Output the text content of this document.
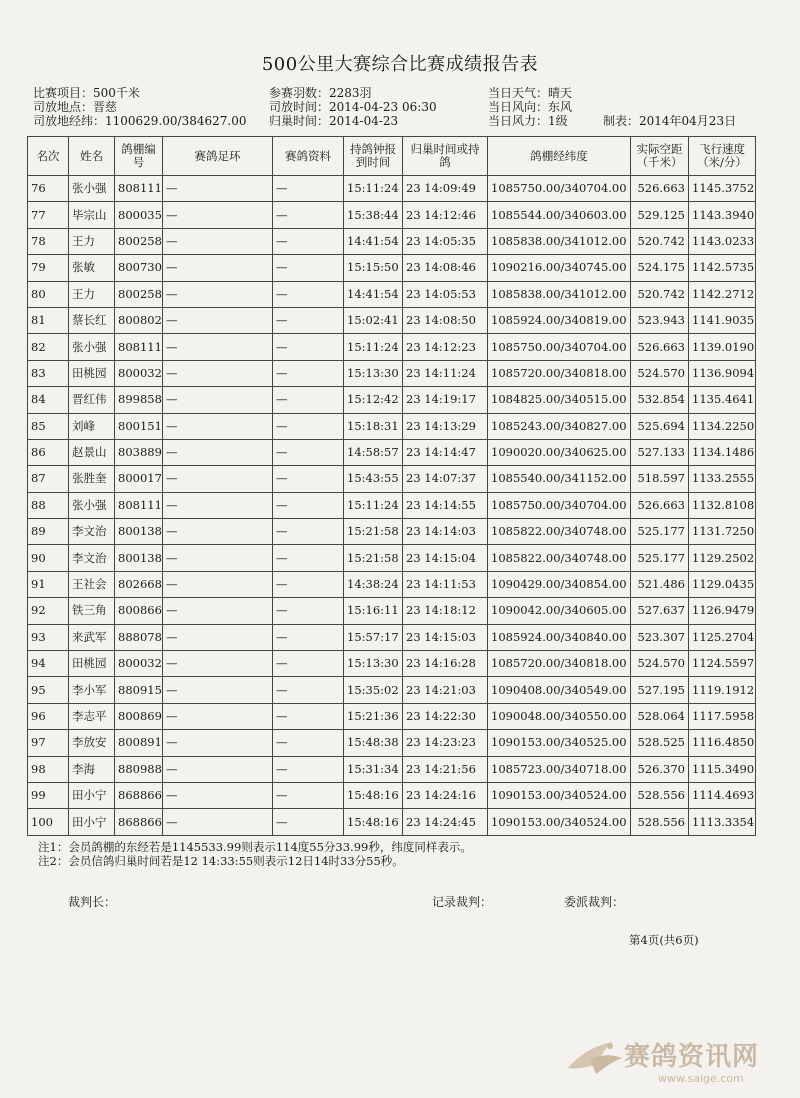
500公里大赛综合比赛成绩报告表
比赛项目：500千米	参赛羽数：2283羽	当日天气：晴天
司放地点：晋慈	司放时间：2014-04-23 06:30	当日风向：东风
司放地经纬：1100629.00/384627.00 归巢时间：2014-04-23	当日风力：1级	制表：2014年04月23日
名次	姓名	鸽棚编号	赛鸽足环	赛鸽资料	持鸽钟报到时间	归巢时间或持鸽	鸽棚经纬度	实际空距（千米）	飞行速度（米/分）
76	张小强	808111	—	—	15:11:24	23 14:09:49	1085750.00/340704.00	526.663	1145.3752
77	毕宗山	800035	—	—	15:38:44	23 14:12:46	1085544.00/340603.00	529.125	1143.3940
78	王力	800258	—	—	14:41:54	23 14:05:35	1085838.00/341012.00	520.742	1143.0233
79	张敏	800730	—	—	15:15:50	23 14:08:46	1090216.00/340745.00	524.175	1142.5735
80	王力	800258	—	—	14:41:54	23 14:05:53	1085838.00/341012.00	520.742	1142.2712
81	蔡长红	800802	—	—	15:02:41	23 14:08:50	1085924.00/340819.00	523.943	1141.9035
82	张小强	808111	—	—	15:11:24	23 14:12:23	1085750.00/340704.00	526.663	1139.0190
83	田桃园	800032	—	—	15:13:30	23 14:11:24	1085720.00/340818.00	524.570	1136.9094
84	晋红伟	899858	—	—	15:12:42	23 14:19:17	1084825.00/340515.00	532.854	1135.4641
85	刘峰	800151	—	—	15:18:31	23 14:13:29	1085243.00/340827.00	525.694	1134.2250
86	赵景山	803889	—	—	14:58:57	23 14:14:47	1090020.00/340625.00	527.133	1134.1486
87	张胜奎	800017	—	—	15:43:55	23 14:07:37	1085540.00/341152.00	518.597	1133.2555
88	张小强	808111	—	—	15:11:24	23 14:14:55	1085750.00/340704.00	526.663	1132.8108
89	李文治	800138	—	—	15:21:58	23 14:14:03	1085822.00/340748.00	525.177	1131.7250
90	李文治	800138	—	—	15:21:58	23 14:15:04	1085822.00/340748.00	525.177	1129.2502
91	王社会	802668	—	—	14:38:24	23 14:11:53	1090429.00/340854.00	521.486	1129.0435
92	铁三角	800866	—	—	15:16:11	23 14:18:12	1090042.00/340605.00	527.637	1126.9479
93	来武军	888078	—	—	15:57:17	23 14:15:03	1085924.00/340840.00	523.307	1125.2704
94	田桃园	800032	—	—	15:13:30	23 14:16:28	1085720.00/340818.00	524.570	1124.5597
95	李小军	880915	—	—	15:35:02	23 14:21:03	1090408.00/340549.00	527.195	1119.1912
96	李志平	800869	—	—	15:21:36	23 14:22:30	1090048.00/340550.00	528.064	1117.5958
97	李放安	800891	—	—	15:48:38	23 14:23:23	1090153.00/340525.00	528.525	1116.4850
98	李海	880988	—	—	15:31:34	23 14:21:56	1085723.00/340718.00	526.370	1115.3490
99	田小宁	868866	—	—	15:48:16	23 14:24:16	1090153.00/340524.00	528.556	1114.4693
100	田小宁	868866	—	—	15:48:16	23 14:24:45	1090153.00/340524.00	528.556	1113.3354
注1：会员鸽棚的东经若是1145533.99则表示114度55分33.99秒，纬度同样表示。
注2：会员信鸽归巢时间若是12 14:33:55则表示12日14时33分55秒。
裁判长：	记录裁判：	委派裁判：
第4页(共6页)
赛鸽资讯网
www.saige.com
